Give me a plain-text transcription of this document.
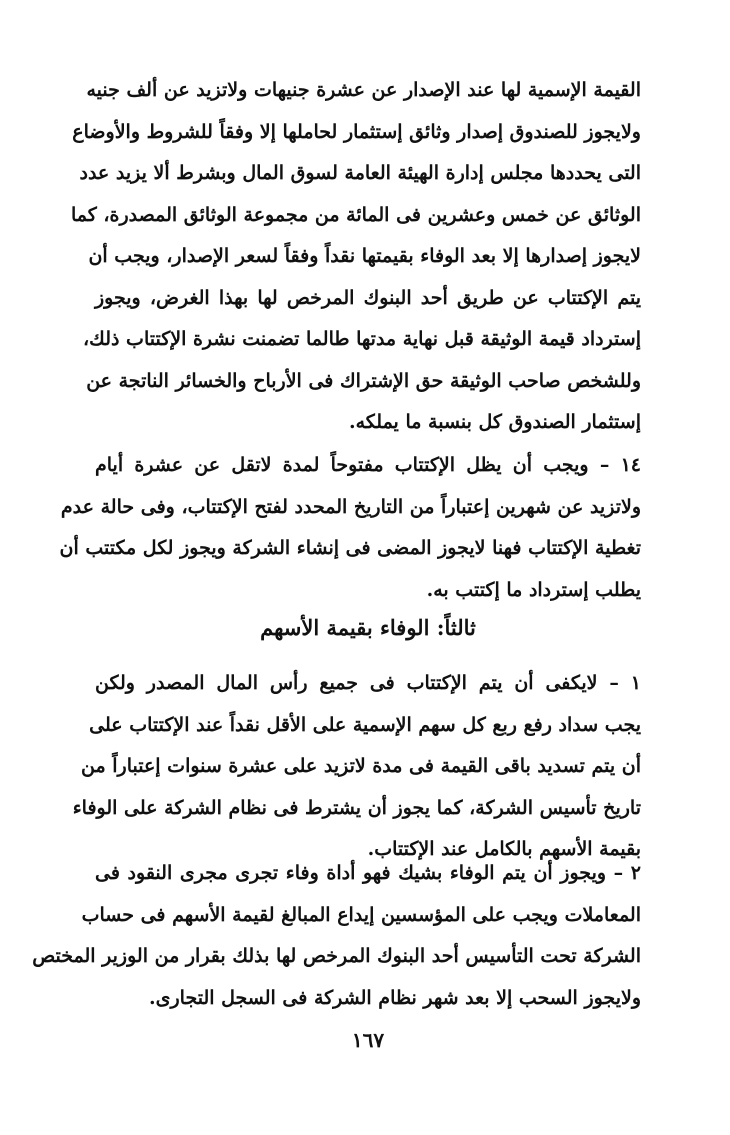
القيمة الإسمية لها عند الإصدار عن عشرة جنيهات ولاتزيد عن ألف جنيه
ولايجوز للصندوق إصدار وثائق إستثمار لحاملها إلا وفقاً للشروط والأوضاع
التى يحددها مجلس إدارة الهيئة العامة لسوق المال وبشرط ألا يزيد عدد
الوثائق عن خمس وعشرين فى المائة من مجموعة الوثائق المصدرة، كما
لايجوز إصدارها إلا بعد الوفاء بقيمتها نقداً وفقاً لسعر الإصدار، ويجب أن
يتم الإكتتاب عن طريق أحد البنوك المرخص لها بهذا الغرض، ويجوز
إسترداد قيمة الوثيقة قبل نهاية مدتها طالما تضمنت نشرة الإكتتاب ذلك،
وللشخص صاحب الوثيقة حق الإشتراك فى الأرباح والخسائر الناتجة عن
إستثمار الصندوق كل بنسبة ما يملكه.
١٤ – ويجب أن يظل الإكتتاب مفتوحاً لمدة لاتقل عن عشرة أيام
ولاتزيد عن شهرين إعتباراً من التاريخ المحدد لفتح الإكتتاب، وفى حالة عدم
تغطية الإكتتاب فهنا لايجوز المضى فى إنشاء الشركة ويجوز لكل مكتتب أن
يطلب إسترداد ما إكتتب به.
ثالثاً: الوفاء بقيمة الأسهم
١ – لايكفى أن يتم الإكتتاب فى جميع رأس المال المصدر ولكن
يجب سداد رفع ربع كل سهم الإسمية على الأقل نقداً عند الإكتتاب على
أن يتم تسديد باقى القيمة فى مدة لاتزيد على عشرة سنوات إعتباراً من
تاريخ تأسيس الشركة، كما يجوز أن يشترط فى نظام الشركة على الوفاء
بقيمة الأسهم بالكامل عند الإكتتاب.
٢ – ويجوز أن يتم الوفاء بشيك فهو أداة وفاء تجرى مجرى النقود فى
المعاملات ويجب على المؤسسين إيداع المبالغ لقيمة الأسهم فى حساب
الشركة تحت التأسيس أحد البنوك المرخص لها بذلك بقرار من الوزير المختص
ولايجوز السحب إلا بعد شهر نظام الشركة فى السجل التجارى.
١٦٧
